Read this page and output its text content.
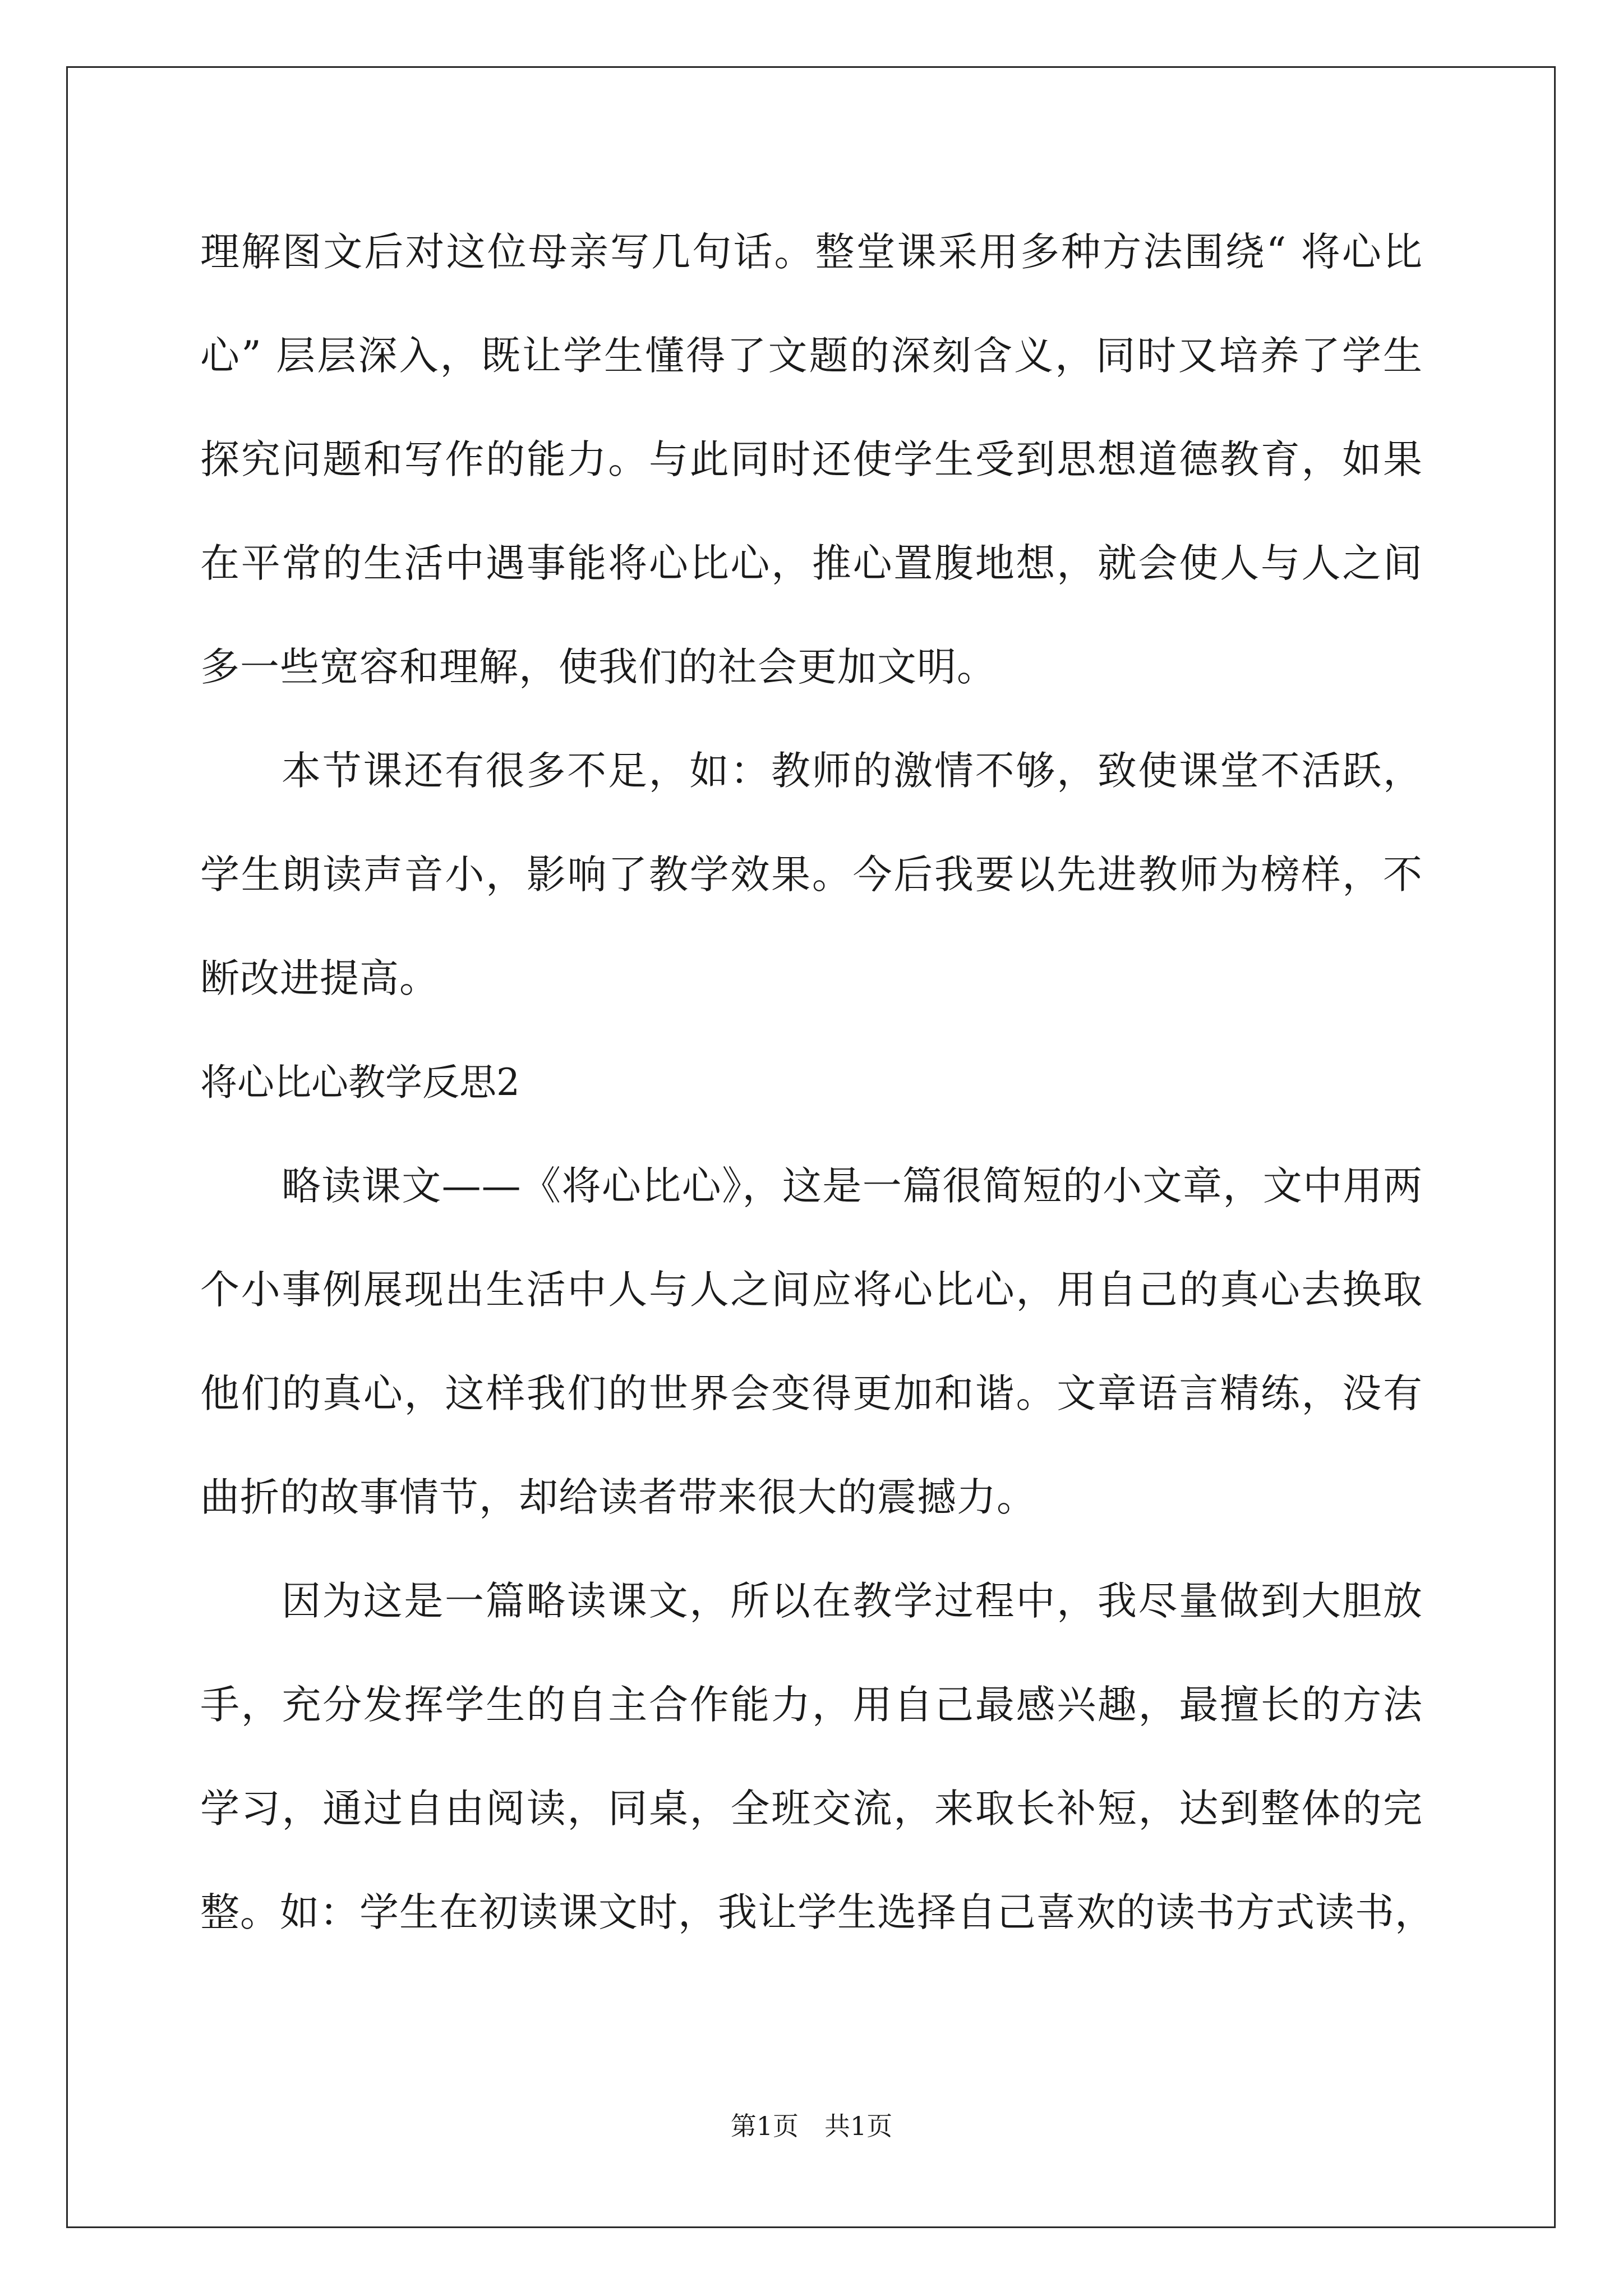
理解图文后对这位母亲写几句话。整堂课采用多种方法围绕“ 将心比
心” 层层深入，既让学生懂得了文题的深刻含义，同时又培养了学生
探究问题和写作的能力。与此同时还使学生受到思想道德教育，如果
在平常的生活中遇事能将心比心，推心置腹地想，就会使人与人之间
多一些宽容和理解，使我们的社会更加文明。
本节课还有很多不足，如：教师的激情不够，致使课堂不活跃，
学生朗读声音小，影响了教学效果。今后我要以先进教师为榜样，不
断改进提高。
将心比心教学反思2
略读课文——《将心比心》，这是一篇很简短的小文章，文中用两
个小事例展现出生活中人与人之间应将心比心，用自己的真心去换取
他们的真心，这样我们的世界会变得更加和谐。文章语言精练，没有
曲折的故事情节，却给读者带来很大的震撼力。
因为这是一篇略读课文，所以在教学过程中，我尽量做到大胆放
手，充分发挥学生的自主合作能力，用自己最感兴趣，最擅长的方法
学习，通过自由阅读，同桌，全班交流，来取长补短，达到整体的完
整。如：学生在初读课文时，我让学生选择自己喜欢的读书方式读书，
第1页　共1页
